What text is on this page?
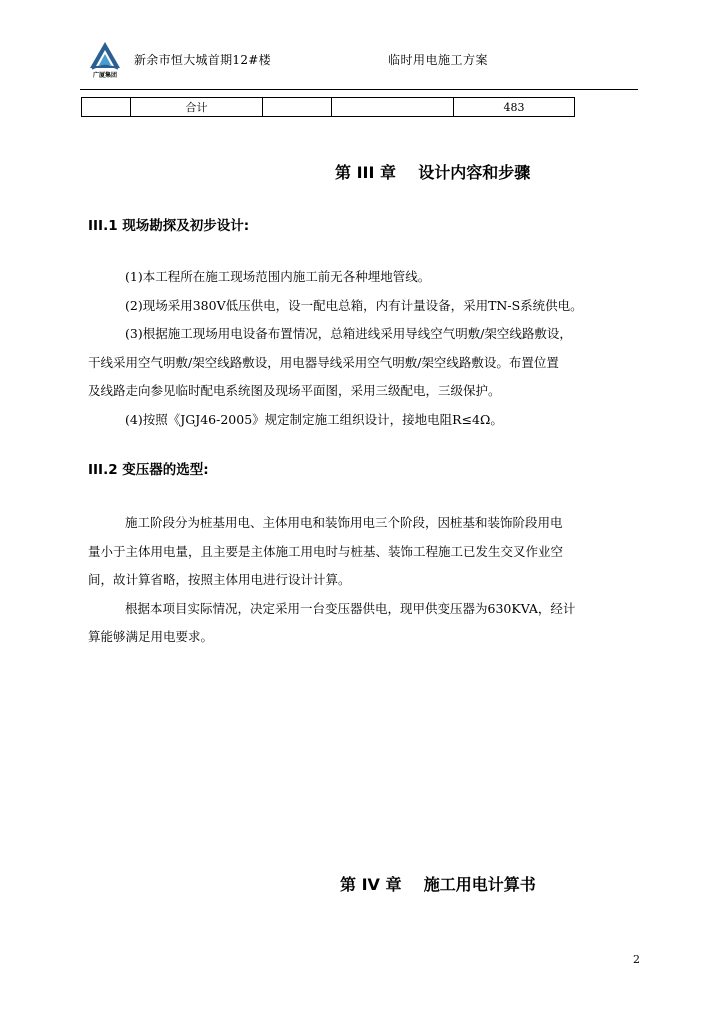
广厦集团
新余市恒大城首期12#楼	临时用电施工方案
	合计			483
第 III 章 设计内容和步骤
III.1 现场勘探及初步设计:

(1)本工程所在施工现场范围内施工前无各种埋地管线。

(2)现场采用380V低压供电，设一配电总箱，内有计量设备，采用TN-S系统供电。

(3)根据施工现场用电设备布置情况，总箱进线采用导线空气明敷/架空线路敷设，

干线采用空气明敷/架空线路敷设，用电器导线采用空气明敷/架空线路敷设。布置位置

及线路走向参见临时配电系统图及现场平面图，采用三级配电，三级保护。

(4)按照《JGJ46-2005》规定制定施工组织设计，接地电阻R≤4Ω。

III.2 变压器的选型:

施工阶段分为桩基用电、主体用电和装饰用电三个阶段，因桩基和装饰阶段用电

量小于主体用电量，且主要是主体施工用电时与桩基、装饰工程施工已发生交叉作业空

间，故计算省略，按照主体用电进行设计计算。

根据本项目实际情况，决定采用一台变压器供电，现甲供变压器为630KVA，经计

算能够满足用电要求。

第 IV 章 施工用电计算书
2
